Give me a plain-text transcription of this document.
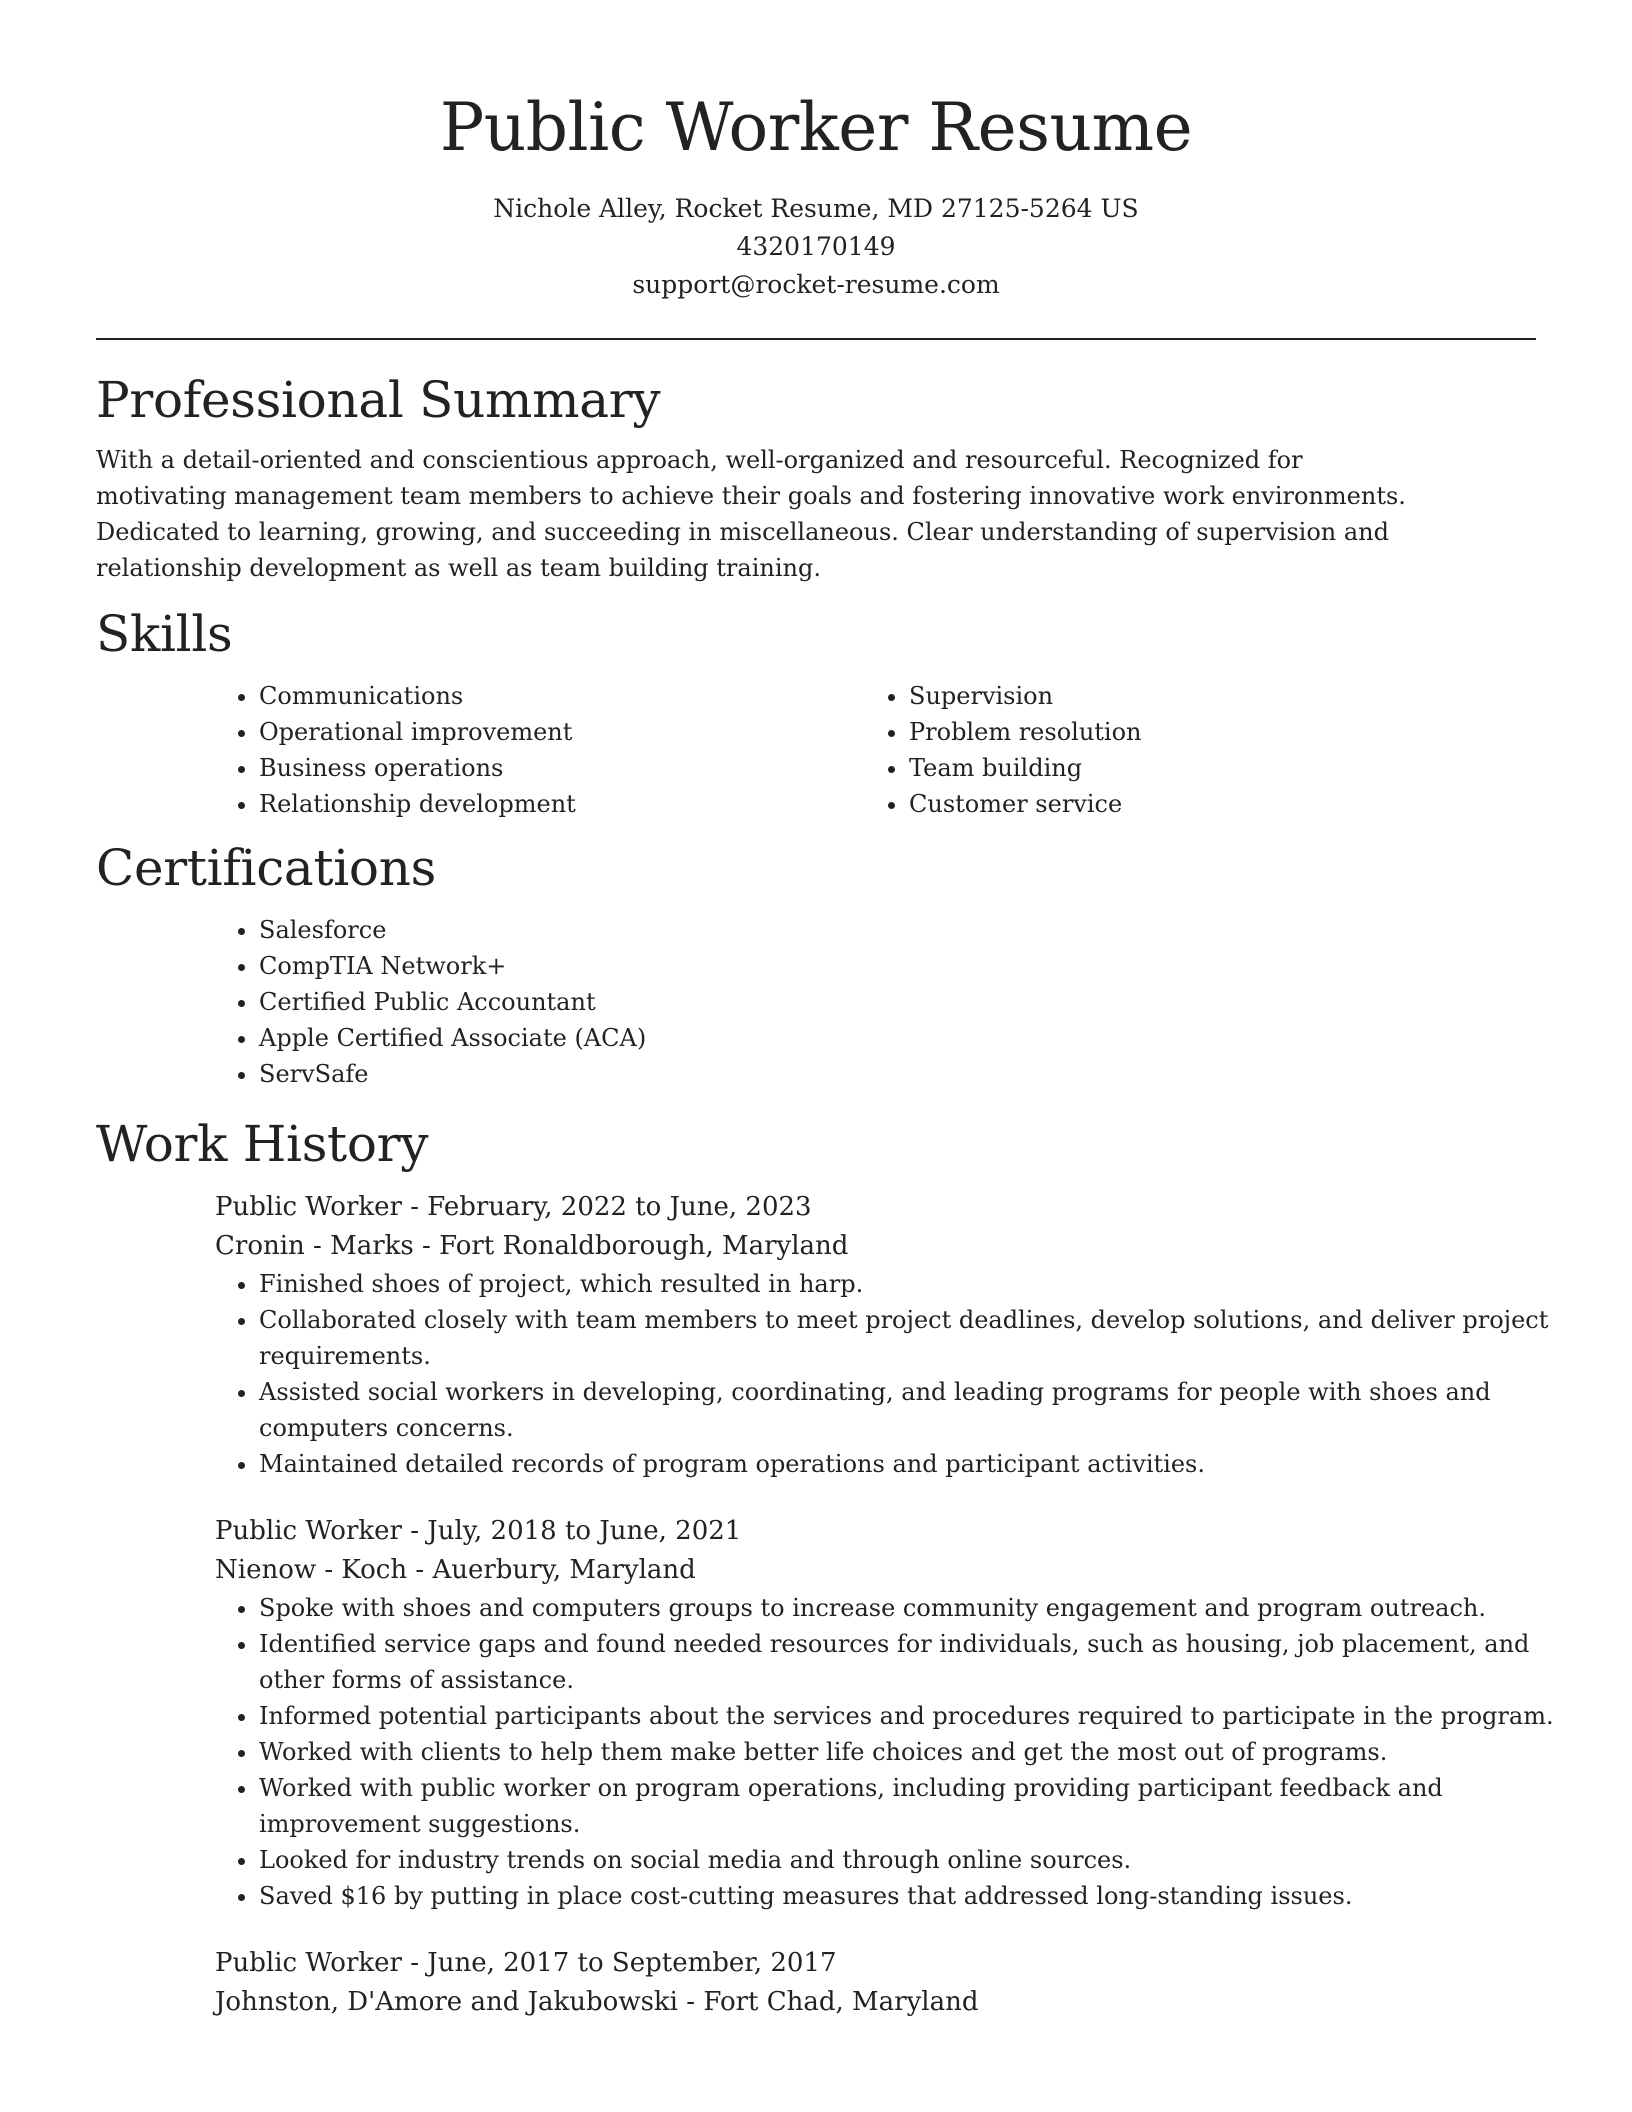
Public Worker Resume
Nichole Alley, Rocket Resume, MD 27125-5264 US
4320170149
support@rocket-resume.com
Professional Summary

With a detail-oriented and conscientious approach, well-organized and resourceful. Recognized for motivating management team members to achieve their goals and fostering innovative work environments. Dedicated to learning, growing, and succeeding in miscellaneous. Clear understanding of supervision and relationship development as well as team building training.

Skills
• Communications
• Operational improvement
• Business operations
• Relationship development
• Supervision
• Problem resolution
• Team building
• Customer service
Certifications
• Salesforce
• CompTIA Network+
• Certified Public Accountant
• Apple Certified Associate (ACA)
• ServSafe
Work History
Public Worker - February, 2022 to June, 2023
Cronin - Marks - Fort Ronaldborough, Maryland
• Finished shoes of project, which resulted in harp.
• Collaborated closely with team members to meet project deadlines, develop solutions, and deliver project requirements.
• Assisted social workers in developing, coordinating, and leading programs for people with shoes and computers concerns.
• Maintained detailed records of program operations and participant activities.
Public Worker - July, 2018 to June, 2021
Nienow - Koch - Auerbury, Maryland
• Spoke with shoes and computers groups to increase community engagement and program outreach.
• Identified service gaps and found needed resources for individuals, such as housing, job placement, and other forms of assistance.
• Informed potential participants about the services and procedures required to participate in the program.
• Worked with clients to help them make better life choices and get the most out of programs.
• Worked with public worker on program operations, including providing participant feedback and improvement suggestions.
• Looked for industry trends on social media and through online sources.
• Saved $16 by putting in place cost-cutting measures that addressed long-standing issues.
Public Worker - June, 2017 to September, 2017
Johnston, D'Amore and Jakubowski - Fort Chad, Maryland
